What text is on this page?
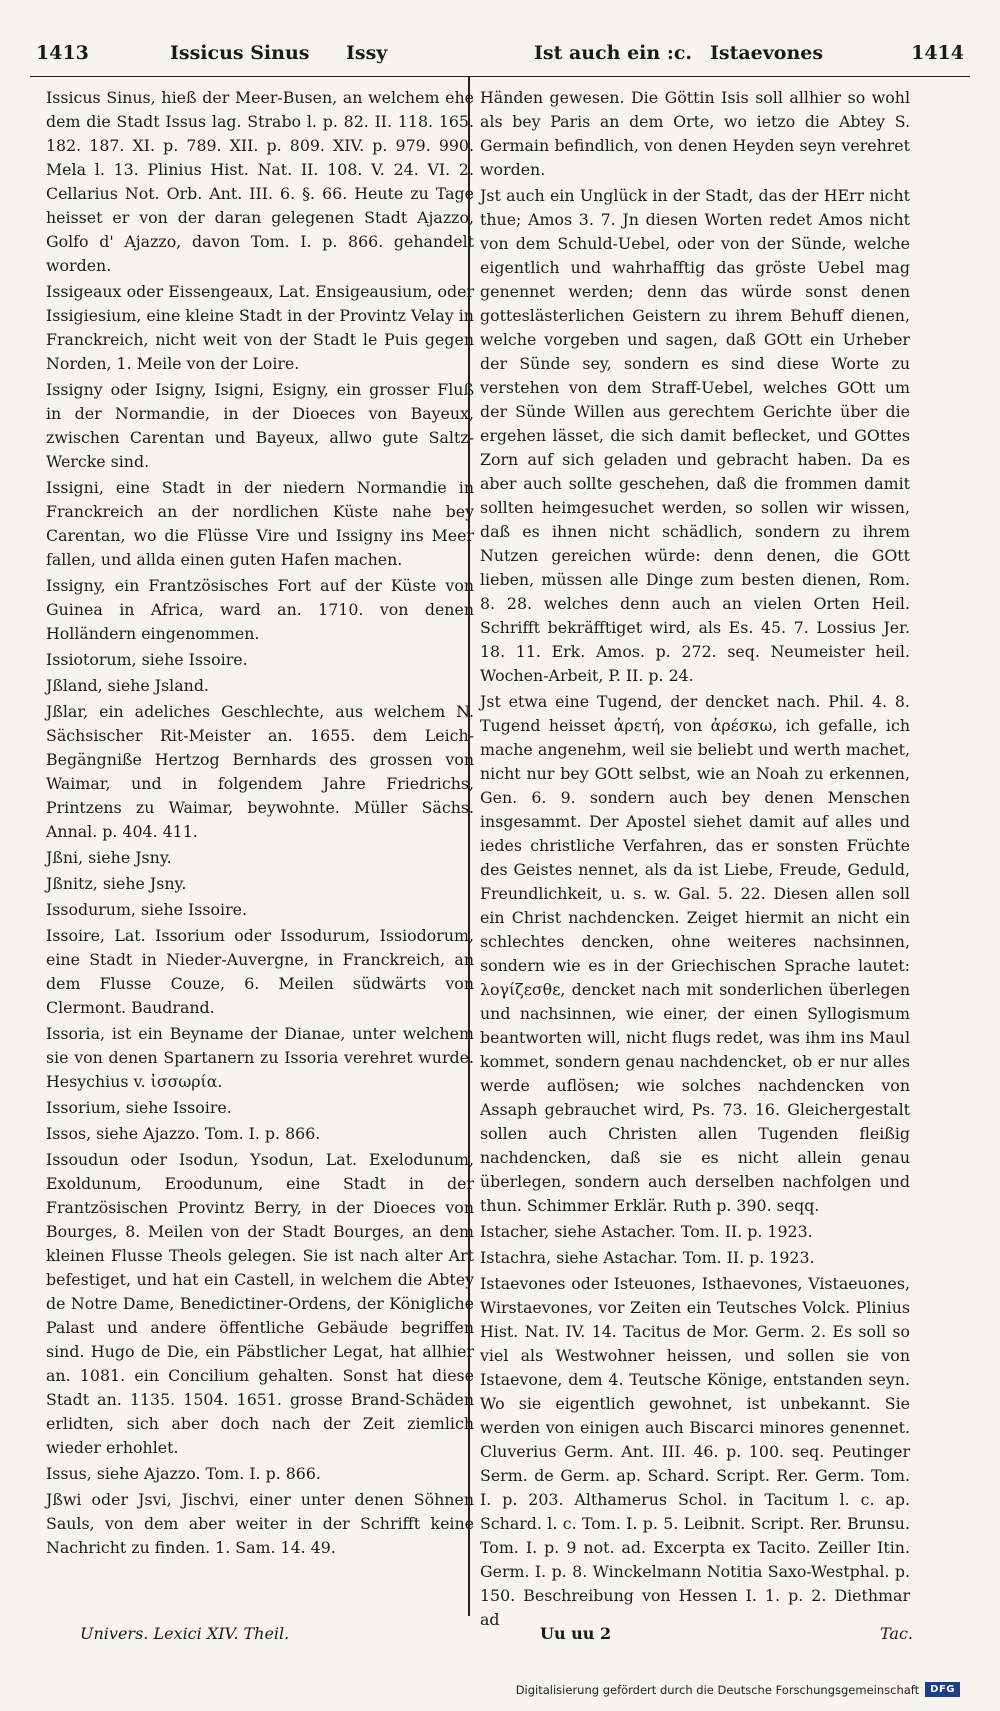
1413	Issicus Sinus Issy	Ist auch ein :c. Istaevones	1414

Issicus Sinus, hieß der Meer-Busen, an welchem ehe dem die Stadt Issus lag. Strabo l. p. 82. II. 118. 165. 182. 187. XI. p. 789. XII. p. 809. XIV. p. 979. 990. Mela l. 13. Plinius Hist. Nat. II. 108. V. 24. VI. 2. Cellarius Not. Orb. Ant. III. 6. §. 66. Heute zu Tage heisset er von der daran gelegenen Stadt Ajazzo, Golfo d' Ajazzo, davon Tom. I. p. 866. gehandelt worden.

Issigeaux oder Eissengeaux, Lat. Ensigeausium, oder Issigiesium, eine kleine Stadt in der Provintz Velay in Franckreich, nicht weit von der Stadt le Puis gegen Norden, 1. Meile von der Loire.

Issigny oder Isigny, Isigni, Esigny, ein grosser Fluß in der Normandie, in der Dioeces von Bayeux, zwischen Carentan und Bayeux, allwo gute Saltz-Wercke sind.

Issigni, eine Stadt in der niedern Normandie in Franckreich an der nordlichen Küste nahe bey Carentan, wo die Flüsse Vire und Issigny ins Meer fallen, und allda einen guten Hafen machen.

Issigny, ein Frantzösisches Fort auf der Küste von Guinea in Africa, ward an. 1710. von denen Holländern eingenommen.

Issiotorum, siehe Issoire.

Jßland, siehe Jsland.

Jßlar, ein adeliches Geschlechte, aus welchem N. Sächsischer Rit-Meister an. 1655. dem Leich-Begängniße Hertzog Bernhards des grossen von Waimar, und in folgendem Jahre Friedrichs, Printzens zu Waimar, beywohnte. Müller Sächs. Annal. p. 404. 411.

Jßni, siehe Jsny.

Jßnitz, siehe Jsny.

Issodurum, siehe Issoire.

Issoire, Lat. Issorium oder Issodurum, Issiodorum, eine Stadt in Nieder-Auvergne, in Franckreich, an dem Flusse Couze, 6. Meilen südwärts von Clermont. Baudrand.

Issoria, ist ein Beyname der Dianae, unter welchem sie von denen Spartanern zu Issoria verehret wurde. Hesychius v. ἰσσωρία.

Issorium, siehe Issoire.

Issos, siehe Ajazzo. Tom. I. p. 866.

Issoudun oder Isodun, Ysodun, Lat. Exelodunum, Exoldunum, Eroodunum, eine Stadt in der Frantzösischen Provintz Berry, in der Dioeces von Bourges, 8. Meilen von der Stadt Bourges, an dem kleinen Flusse Theols gelegen. Sie ist nach alter Art befestiget, und hat ein Castell, in welchem die Abtey de Notre Dame, Benedictiner-Ordens, der Königliche Palast und andere öffentliche Gebäude begriffen sind. Hugo de Die, ein Päbstlicher Legat, hat allhier an. 1081. ein Concilium gehalten. Sonst hat diese Stadt an. 1135. 1504. 1651. grosse Brand-Schäden erlidten, sich aber doch nach der Zeit ziemlich wieder erhohlet.

Issus, siehe Ajazzo. Tom. I. p. 866.

Jßwi oder Jsvi, Jischvi, einer unter denen Söhnen Sauls, von dem aber weiter in der Schrifft keine Nachricht zu finden. 1. Sam. 14. 49.

Händen gewesen. Die Göttin Isis soll allhier so wohl als bey Paris an dem Orte, wo ietzo die Abtey S. Germain befindlich, von denen Heyden seyn verehret worden.

Jst auch ein Unglück in der Stadt, das der HErr nicht thue; Amos 3. 7. Jn diesen Worten redet Amos nicht von dem Schuld-Uebel, oder von der Sünde, welche eigentlich und wahrhafftig das gröste Uebel mag genennet werden; denn das würde sonst denen gotteslästerlichen Geistern zu ihrem Behuff dienen, welche vorgeben und sagen, daß GOtt ein Urheber der Sünde sey, sondern es sind diese Worte zu verstehen von dem Straff-Uebel, welches GOtt um der Sünde Willen aus gerechtem Gerichte über die ergehen lässet, die sich damit beflecket, und GOttes Zorn auf sich geladen und gebracht haben. Da es aber auch sollte geschehen, daß die frommen damit sollten heimgesuchet werden, so sollen wir wissen, daß es ihnen nicht schädlich, sondern zu ihrem Nutzen gereichen würde: denn denen, die GOtt lieben, müssen alle Dinge zum besten dienen, Rom. 8. 28. welches denn auch an vielen Orten Heil. Schrifft bekräfftiget wird, als Es. 45. 7. Lossius Jer. 18. 11. Erk. Amos. p. 272. seq. Neumeister heil. Wochen-Arbeit, P. II. p. 24.

Jst etwa eine Tugend, der dencket nach. Phil. 4. 8. Tugend heisset ἀρετή, von ἀρέσκω, ich gefalle, ich mache angenehm, weil sie beliebt und werth machet, nicht nur bey GOtt selbst, wie an Noah zu erkennen, Gen. 6. 9. sondern auch bey denen Menschen insgesammt. Der Apostel siehet damit auf alles und iedes christliche Verfahren, das er sonsten Früchte des Geistes nennet, als da ist Liebe, Freude, Geduld, Freundlichkeit, u. s. w. Gal. 5. 22. Diesen allen soll ein Christ nachdencken. Zeiget hiermit an nicht ein schlechtes dencken, ohne weiteres nachsinnen, sondern wie es in der Griechischen Sprache lautet: λογίζεσθε, dencket nach mit sonderlichen überlegen und nachsinnen, wie einer, der einen Syllogismum beantworten will, nicht flugs redet, was ihm ins Maul kommet, sondern genau nachdencket, ob er nur alles werde auflösen; wie solches nachdencken von Assaph gebrauchet wird, Ps. 73. 16. Gleichergestalt sollen auch Christen allen Tugenden fleißig nachdencken, daß sie es nicht allein genau überlegen, sondern auch derselben nachfolgen und thun. Schimmer Erklär. Ruth p. 390. seqq.

Istacher, siehe Astacher. Tom. II. p. 1923.

Istachra, siehe Astachar. Tom. II. p. 1923.

Istaevones oder Isteuones, Isthaevones, Vistaeuones, Wirstaevones, vor Zeiten ein Teutsches Volck. Plinius Hist. Nat. IV. 14. Tacitus de Mor. Germ. 2. Es soll so viel als Westwohner heissen, und sollen sie von Istaevone, dem 4. Teutsche Könige, entstanden seyn. Wo sie eigentlich gewohnet, ist unbekannt. Sie werden von einigen auch Biscarci minores genennet. Cluverius Germ. Ant. III. 46. p. 100. seq. Peutinger Serm. de Germ. ap. Schard. Script. Rer. Germ. Tom. I. p. 203. Althamerus Schol. in Tacitum l. c. ap. Schard. l. c. Tom. I. p. 5. Leibnit. Script. Rer. Brunsu. Tom. I. p. 9 not. ad. Excerpta ex Tacito. Zeiller Itin. Germ. I. p. 8. Winckelmann Notitia Saxo-Westphal. p. 150. Beschreibung von Hessen I. 1. p. 2. Diethmar ad

Univers. Lexici XIV. Theil.	Uu uu 2	Tac.
Digitalisierung gefördert durch die Deutsche Forschungsgemeinschaft	DFG
